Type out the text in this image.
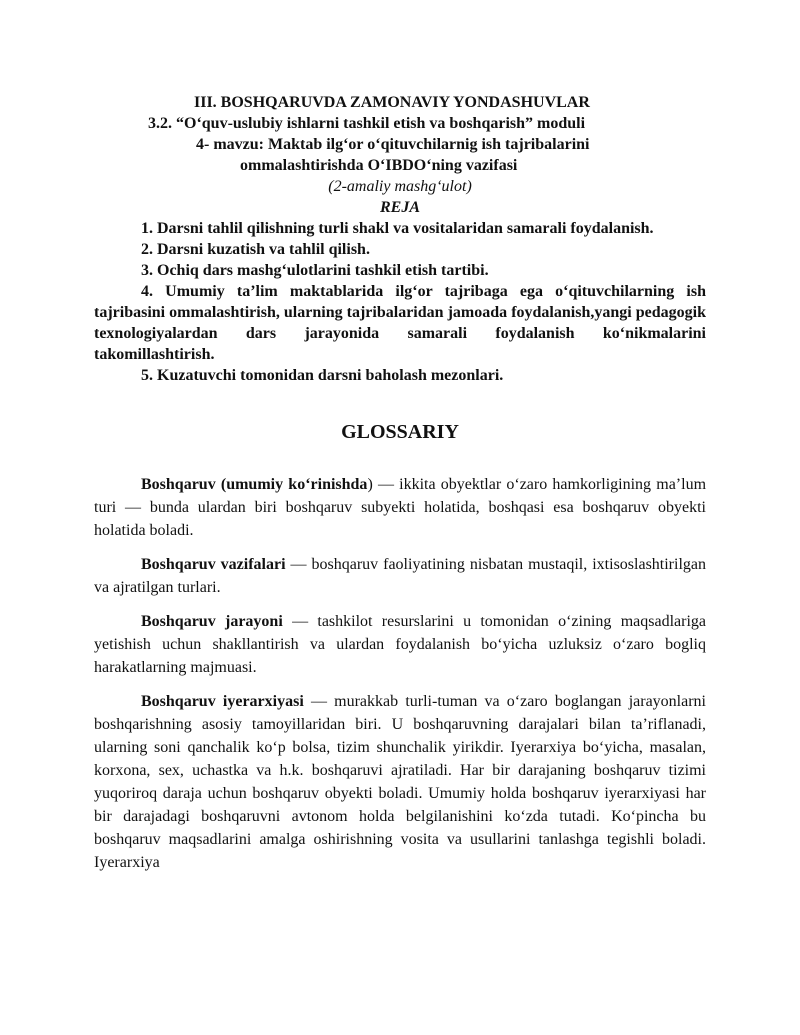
III. BOSHQARUVDA ZAMONAVIY YONDASHUVLAR

3.2. “O‘quv-uslubiy ishlarni tashkil etish va boshqarish” moduli

4- mavzu: Maktab ilg‘or o‘qituvchilarnig ish tajribalarini

ommalashtirishda O‘IBDO‘ning vazifasi

(2-amaliy mashg‘ulot)

REJA

1. Darsni tahlil qilishning turli shakl va vositalaridan samarali foydalanish.

2. Darsni kuzatish va tahlil qilish.

3. Ochiq dars mashg‘ulotlarini tashkil etish tartibi.

4. Umumiy ta’lim maktablarida ilg‘or tajribaga ega o‘qituvchilarning ish tajribasini ommalashtirish, ularning tajribalaridan jamoada foydalanish,yangi pedagogik texnologiyalardan dars jarayonida samarali foydalanish ko‘nikmalarini takomillashtirish.

5. Kuzatuvchi tomonidan darsni baholash mezonlari.

GLOSSARIY

Boshqaruv (umumiy ko‘rinishda) — ikkita obyektlar o‘zaro hamkorligining ma’lum turi — bunda ulardan biri boshqaruv subyekti holatida, boshqasi esa boshqaruv obyekti holatida boladi.

Boshqaruv vazifalari — boshqaruv faoliyatining nisbatan mustaqil, ixtisoslashtirilgan va ajratilgan turlari.

Boshqaruv jarayoni — tashkilot resurslarini u tomonidan o‘zining maqsadlariga yetishish uchun shakllantirish va ulardan foydalanish bo‘yicha uzluksiz o‘zaro bogliq harakatlarning majmuasi.

Boshqaruv iyerarxiyasi — murakkab turli-tuman va o‘zaro boglangan jarayonlarni boshqarishning asosiy tamoyillaridan biri. U boshqaruvning darajalari bilan ta’riflanadi, ularning soni qanchalik ko‘p bolsa, tizim shunchalik yirikdir. Iyerarxiya bo‘yicha, masalan, korxona, sex, uchastka va h.k. boshqaruvi ajratiladi. Har bir darajaning boshqaruv tizimi yuqoriroq daraja uchun boshqaruv obyekti boladi. Umumiy holda boshqaruv iyerarxiyasi har bir darajadagi boshqaruvni avtonom holda belgilanishini ko‘zda tutadi. Ko‘pincha bu boshqaruv maqsadlarini amalga oshirishning vosita va usullarini tanlashga tegishli boladi. Iyerarxiya
